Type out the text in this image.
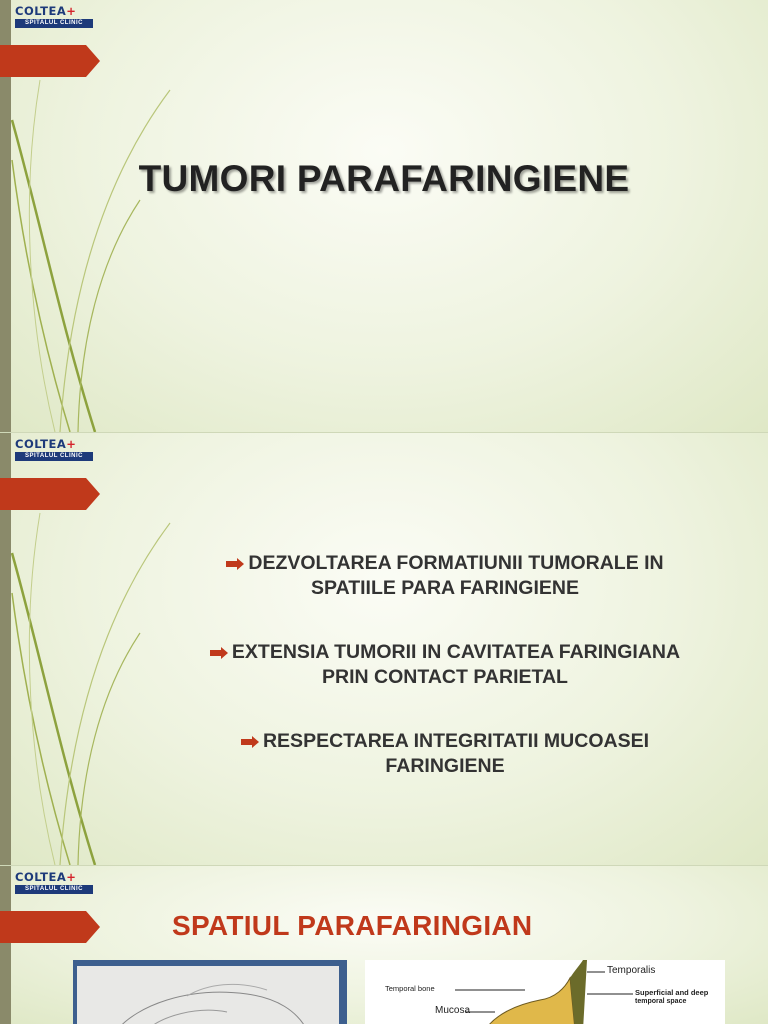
COLTEA+
SPITALUL CLINIC
TUMORI PARAFARINGIENE
COLTEA+
SPITALUL CLINIC
DEZVOLTAREA FORMATIUNII TUMORALE IN
SPATIILE PARA FARINGIENE
EXTENSIA TUMORII IN CAVITATEA FARINGIANA
PRIN CONTACT PARIETAL
RESPECTAREA INTEGRITATII MUCOASEI
FARINGIENE
COLTEA+
SPITALUL CLINIC
SPATIUL PARAFARINGIAN
Temporalis
Temporal bone	Superficial and deep
temporal space
Mucosa
